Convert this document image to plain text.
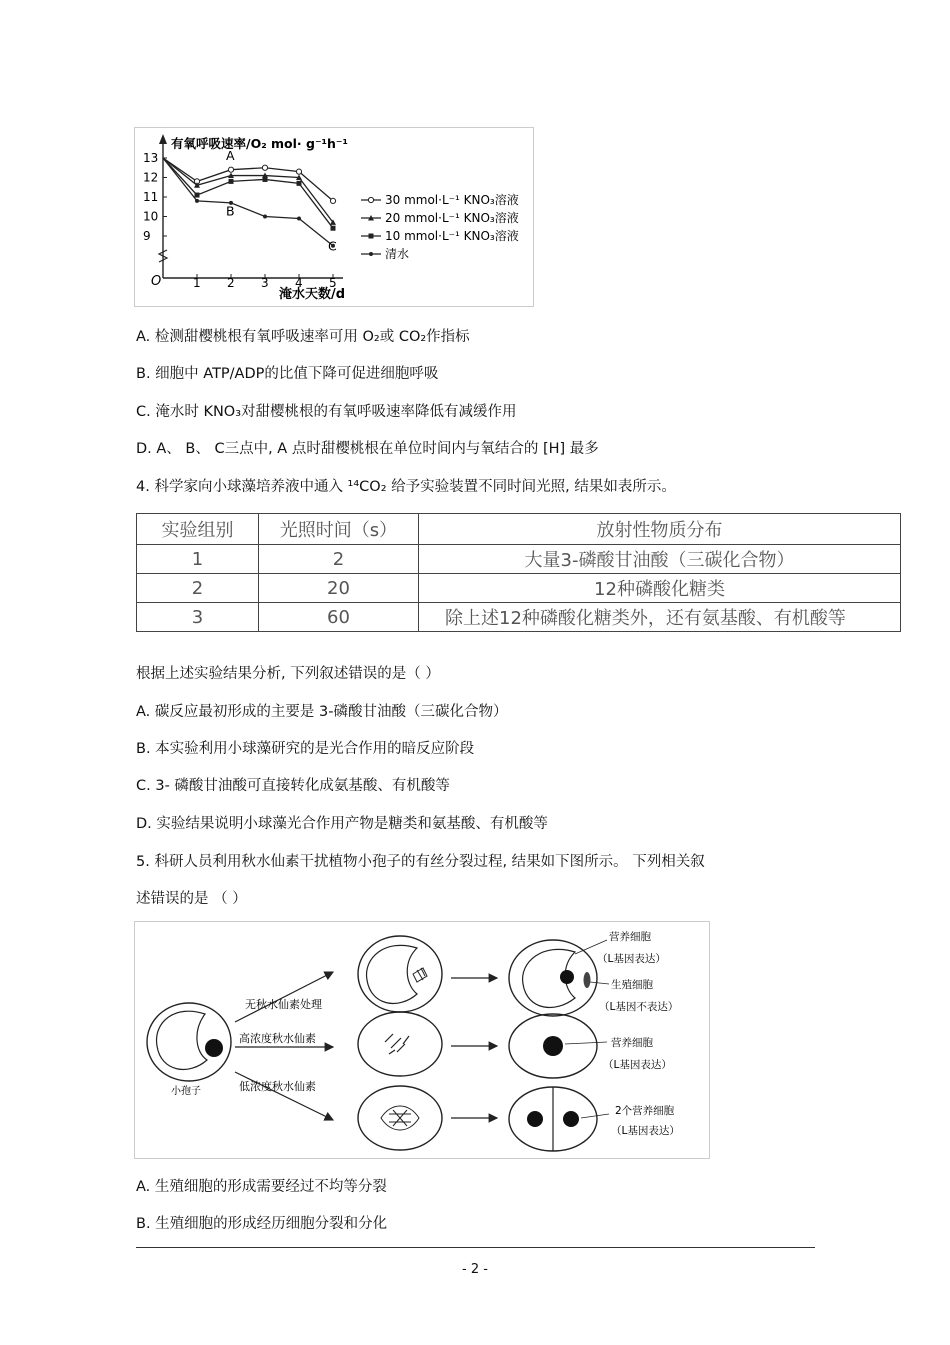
有氧呼吸速率/O₂ mol· g⁻¹h⁻¹
淹水天数/d
O
13
12
11
10
9
1 2 3 4 5
A
B
C
30 mmol·L⁻¹ KNO₃溶液
20 mmol·L⁻¹ KNO₃溶液
10 mmol·L⁻¹ KNO₃溶液
清水
A. 检测甜樱桃根有氧呼吸速率可用 O₂或 CO₂作指标
B. 细胞中 ATP/ADP的比值下降可促进细胞呼吸
C. 淹水时 KNO₃对甜樱桃根的有氧呼吸速率降低有减缓作用
D. A、 B、 C三点中, A 点时甜樱桃根在单位时间内与氧结合的 [H] 最多
4. 科学家向小球藻培养液中通入 ¹⁴CO₂ 给予实验装置不同时间光照, 结果如表所示。
实验组别	光照时间（s）	放射性物质分布
1	2	大量3-磷酸甘油酸（三碳化合物）
2	20	12种磷酸化糖类
3	60	除上述12种磷酸化糖类外，还有氨基酸、有机酸等
根据上述实验结果分析, 下列叙述错误的是（ ）
A. 碳反应最初形成的主要是 3-磷酸甘油酸（三碳化合物）
B. 本实验利用小球藻研究的是光合作用的暗反应阶段
C. 3- 磷酸甘油酸可直接转化成氨基酸、有机酸等
D. 实验结果说明小球藻光合作用产物是糖类和氨基酸、有机酸等
5. 科研人员利用秋水仙素干扰植物小孢子的有丝分裂过程, 结果如下图所示。 下列相关叙
述错误的是 （ ）
小孢子
无秋水仙素处理
高浓度秋水仙素
低浓度秋水仙素
营养细胞
（L基因表达）
生殖细胞
（L基因不表达）
营养细胞
（L基因表达）
2个营养细胞
（L基因表达）
A. 生殖细胞的形成需要经过不均等分裂
B. 生殖细胞的形成经历细胞分裂和分化
- 2 -
